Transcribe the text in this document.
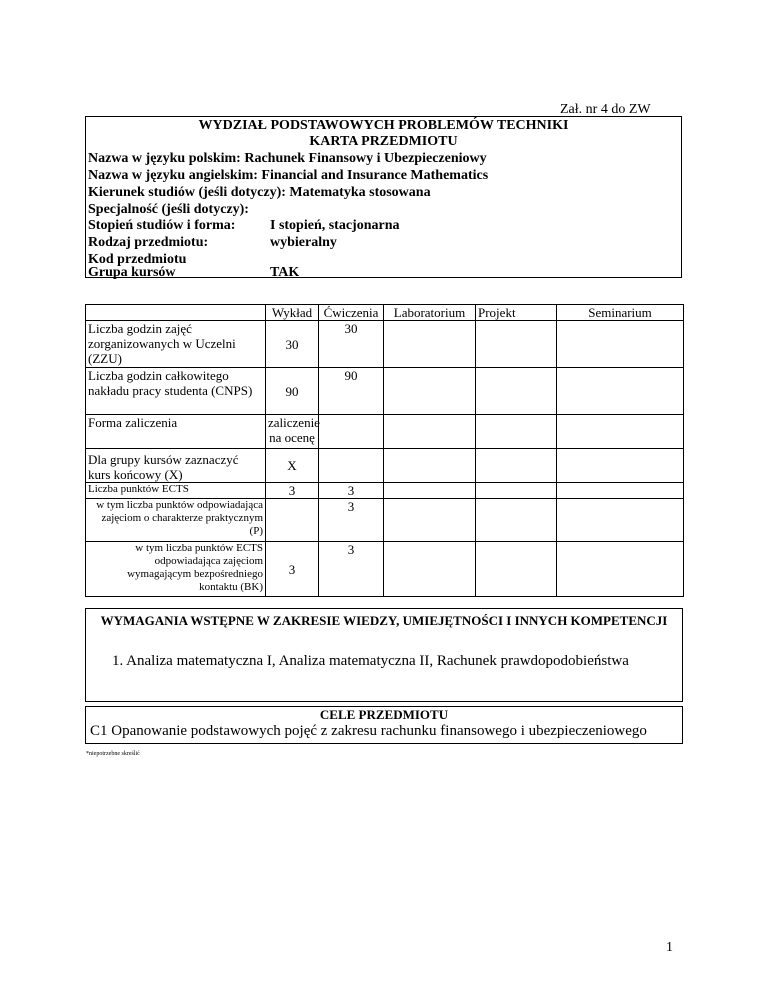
Zał. nr 4 do ZW
WYDZIAŁ PODSTAWOWYCH PROBLEMÓW TECHNIKI
KARTA PRZEDMIOTU
Nazwa w języku polskim: Rachunek Finansowy i Ubezpieczeniowy
Nazwa w języku angielskim: Financial and Insurance Mathematics
Kierunek studiów (jeśli dotyczy): Matematyka stosowana
Specjalność (jeśli dotyczy):
Stopień studiów i forma: I stopień, stacjonarna
Rodzaj przedmiotu:	wybieralny
Kod przedmiotu
Grupa kursów	TAK
	Wykład	Ćwiczenia	Laboratorium	Projekt	Seminarium
Liczba godzin zajęć zorganizowanych w Uczelni (ZZU)	30	30			
Liczba godzin całkowitego nakładu pracy studenta (CNPS)	90	90			
Forma zaliczenia	zaliczenie na ocenę				
Dla grupy kursów zaznaczyć kurs końcowy (X)	X				
Liczba punktów ECTS	3	3			
w tym liczba punktów odpowiadająca zajęciom o charakterze praktycznym (P)		3			
w tym liczba punktów ECTS odpowiadająca zajęciom wymagającym bezpośredniego kontaktu (BK)	3	3			
WYMAGANIA WSTĘPNE W ZAKRESIE WIEDZY, UMIEJĘTNOŚCI I INNYCH KOMPETENCJI
1. Analiza matematyczna I, Analiza matematyczna II, Rachunek prawdopodobieństwa
CELE PRZEDMIOTU
C1 Opanowanie podstawowych pojęć z zakresu rachunku finansowego i ubezpieczeniowego
*niepotrzebne skreślić
1
